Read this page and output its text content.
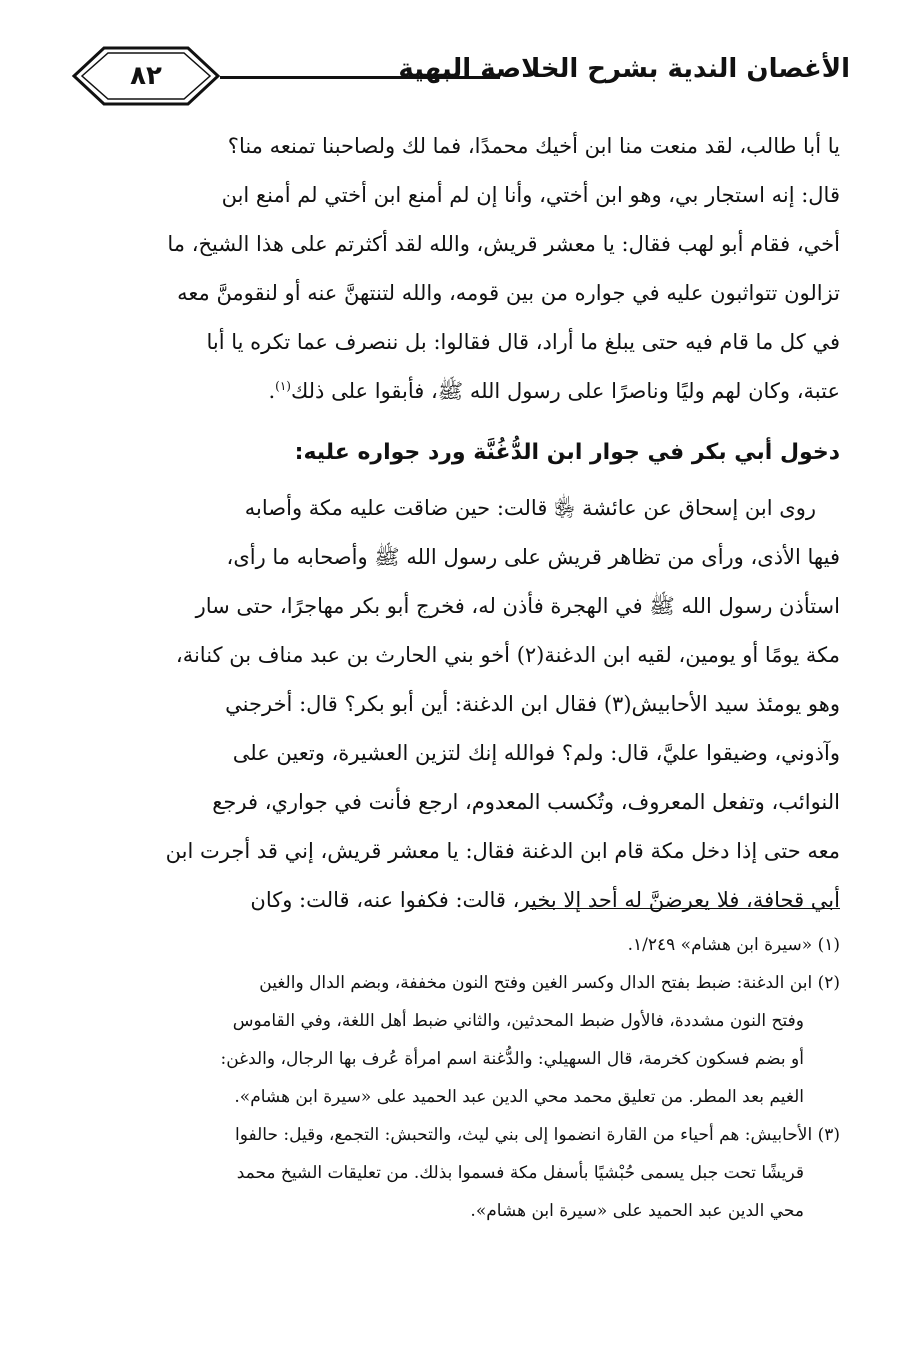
٨٢	الأغصان الندية بشرح الخلاصة البهية
يا أبا طالب، لقد منعت منا ابن أخيك محمدًا، فما لك ولصاحبنا تمنعه منا؟
قال: إنه استجار بي، وهو ابن أختي، وأنا إن لم أمنع ابن أختي لم أمنع ابن
أخي، فقام أبو لهب فقال: يا معشر قريش، والله لقد أكثرتم على هذا الشيخ، ما
تزالون تتواثبون عليه في جواره من بين قومه، والله لتنتهنَّ عنه أو لنقومنَّ معه
في كل ما قام فيه حتى يبلغ ما أراد، قال فقالوا: بل ننصرف عما تكره يا أبا
عتبة، وكان لهم وليًا وناصرًا على رسول الله ﷺ، فأبقوا على ذلك$^{(١)}$.
دخول أبي بكر في جوار ابن الدُّغُنَّة ورد جواره عليه:
روى ابن إسحاق عن عائشة ﵂ قالت: حين ضاقت عليه مكة وأصابه
فيها الأذى، ورأى من تظاهر قريش على رسول الله ﷺ وأصحابه ما رأى،
استأذن رسول الله ﷺ في الهجرة فأذن له، فخرج أبو بكر مهاجرًا، حتى سار
مكة يومًا أو يومين، لقيه ابن الدغنة(٢) أخو بني الحارث بن عبد مناف بن كنانة،
وهو يومئذ سيد الأحابيش(٣) فقال ابن الدغنة: أين أبو بكر؟ قال: أخرجني
وآذوني، وضيقوا عليَّ، قال: ولم؟ فوالله إنك لتزين العشيرة، وتعين على
النوائب، وتفعل المعروف، وتُكسب المعدوم، ارجع فأنت في جواري، فرجع
معه حتى إذا دخل مكة قام ابن الدغنة فقال: يا معشر قريش، إني قد أجرت ابن
أبي قحافة، فلا يعرضنَّ له أحد إلا بخير، قالت: فكفوا عنه، قالت: وكان
(١) «سيرة ابن هشام» ١/٢٤٩.
(٢) ابن الدغنة: ضبط بفتح الدال وكسر الغين وفتح النون مخففة، وبضم الدال والغين
وفتح النون مشددة، فالأول ضبط المحدثين، والثاني ضبط أهل اللغة، وفي القاموس
أو بضم فسكون كخرمة، قال السهيلي: والدُّغنة اسم امرأة عُرف بها الرجال، والدغن:
الغيم بعد المطر. من تعليق محمد محي الدين عبد الحميد على «سيرة ابن هشام».
(٣) الأحابيش: هم أحياء من القارة انضموا إلى بني ليث، والتحبش: التجمع، وقيل: حالفوا
قريشًا تحت جبل يسمى حُبْشيًا بأسفل مكة فسموا بذلك. من تعليقات الشيخ محمد
محي الدين عبد الحميد على «سيرة ابن هشام».
